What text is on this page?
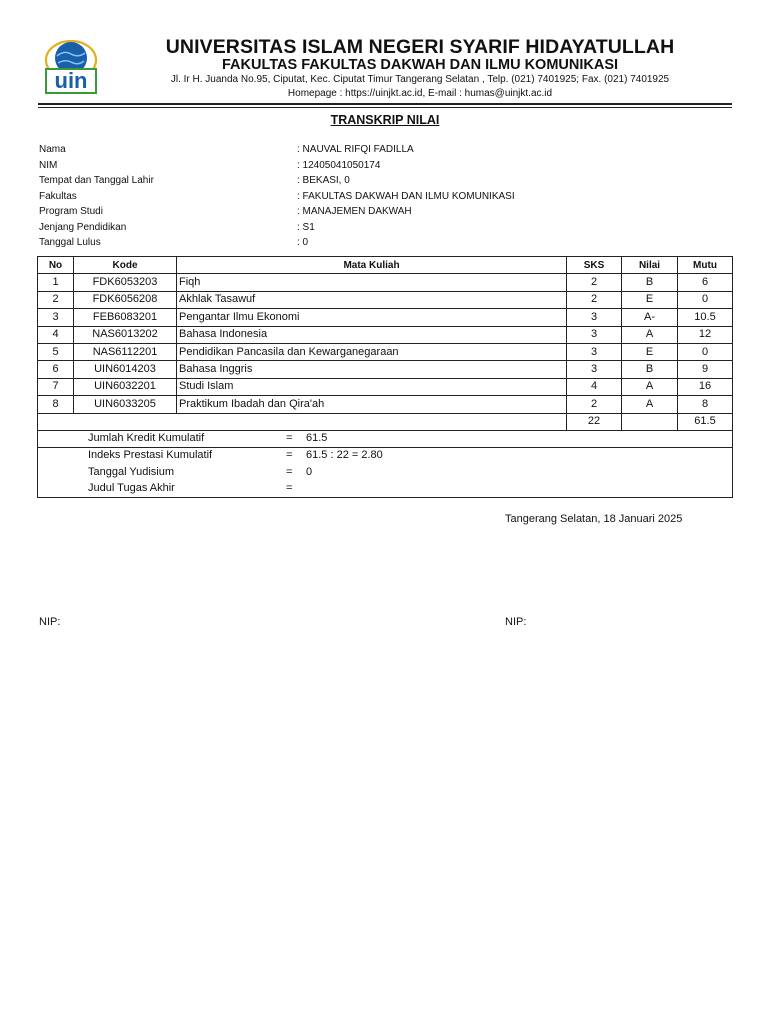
uin
UNIVERSITAS ISLAM NEGERI SYARIF HIDAYATULLAH
FAKULTAS FAKULTAS DAKWAH DAN ILMU KOMUNIKASI
Jl. Ir H. Juanda No.95, Ciputat, Kec. Ciputat Timur Tangerang Selatan , Telp. (021) 7401925; Fax. (021) 7401925
Homepage : https://uinjkt.ac.id, E-mail : humas@uinjkt.ac.id
TRANSKRIP NILAI
Nama	: NAUVAL RIFQI FADILLA
NIM	: 12405041050174
Tempat dan Tanggal Lahir	: BEKASI, 0
Fakultas	: FAKULTAS DAKWAH DAN ILMU KOMUNIKASI
Program Studi	: MANAJEMEN DAKWAH
Jenjang Pendidikan	: S1
Tanggal Lulus	: 0
No	Kode	Mata Kuliah	SKS	Nilai	Mutu
1	FDK6053203	Fiqh	2	B	6
2	FDK6056208	Akhlak Tasawuf	2	E	0
3	FEB6083201	Pengantar Ilmu Ekonomi	3	A-	10.5
4	NAS6013202	Bahasa Indonesia	3	A	12
5	NAS6112201	Pendidikan Pancasila dan Kewarganegaraan	3	E	0
6	UIN6014203	Bahasa Inggris	3	B	9
7	UIN6032201	Studi Islam	4	A	16
8	UIN6033205	Praktikum Ibadah dan Qira'ah	2	A	8
			22		61.5

Jumlah Kredit Kumulatif = 61.5					

Indeks Prestasi Kumulatif = 61.5 : 22 = 2.80					

Tanggal Yudisium = 0					

Judul Tugas Akhir =					
Tangerang Selatan, 18 Januari 2025
NIP:	NIP:
